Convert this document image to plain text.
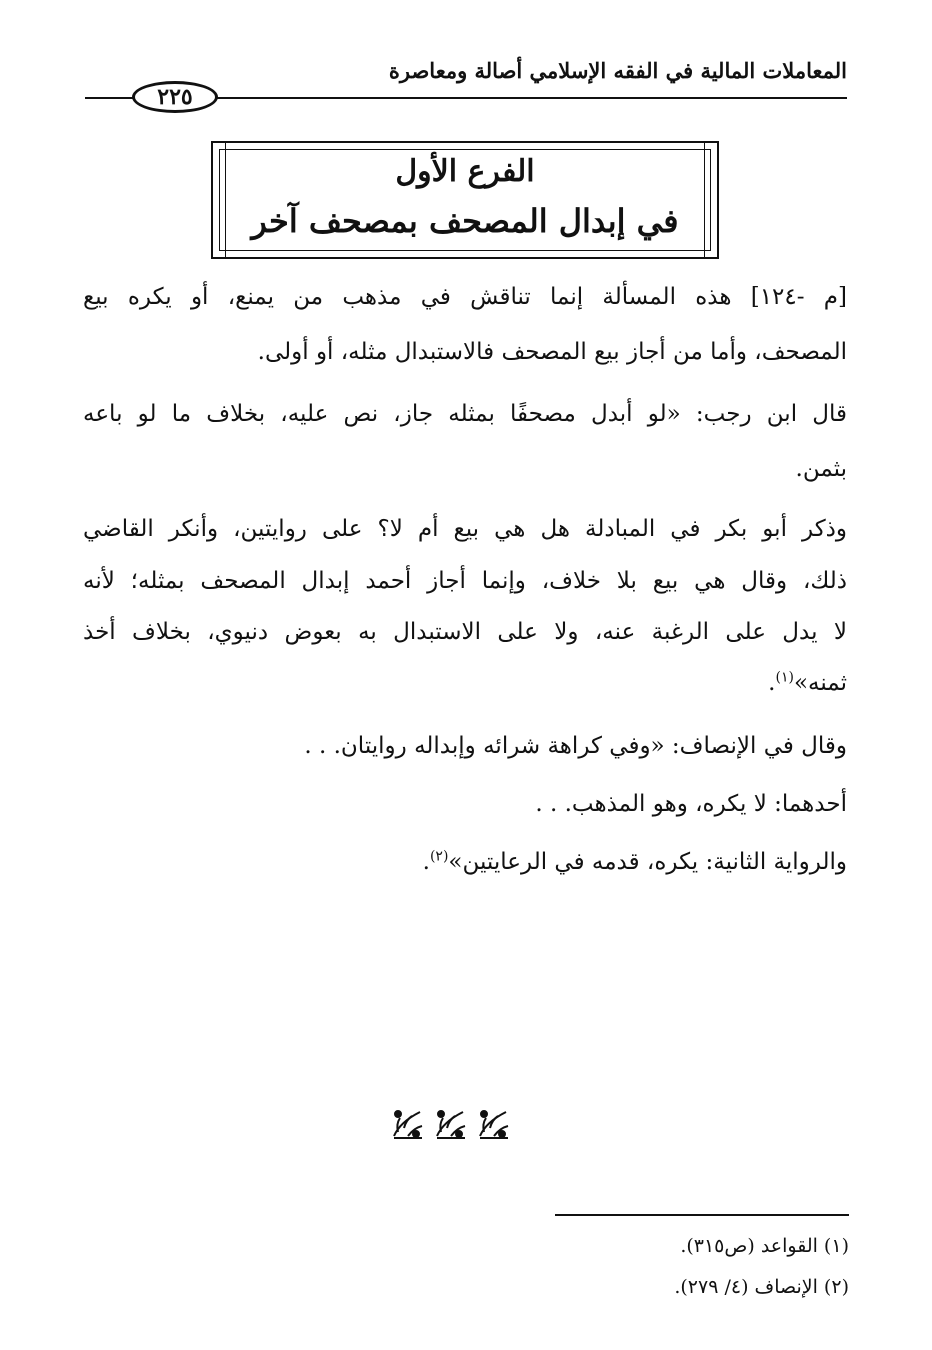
المعاملات المالية في الفقه الإسلامي أصالة ومعاصرة
٢٢٥
الفرع الأول
في إبدال المصحف بمصحف آخر
[م -١٢٤] هذه المسألة إنما تناقش في مذهب من يمنع، أو يكره بيع
المصحف، وأما من أجاز بيع المصحف فالاستبدال مثله، أو أولى.
قال ابن رجب: «لو أبدل مصحفًا بمثله جاز، نص عليه، بخلاف ما لو باعه
بثمن.
وذكر أبو بكر في المبادلة هل هي بيع أم لا؟ على روايتين، وأنكر القاضي
ذلك، وقال هي بيع بلا خلاف، وإنما أجاز أحمد إبدال المصحف بمثله؛ لأنه
لا يدل على الرغبة عنه، ولا على الاستبدال به بعوض دنيوي، بخلاف أخذ
ثمنه»$^{(١)}$.
وقال في الإنصاف: «وفي كراهة شرائه وإبداله روايتان. . .
أحدهما: لا يكره، وهو المذهب. . .
والرواية الثانية: يكره، قدمه في الرعايتين»$^{(٢)}$.
(١) القواعد (ص٣١٥).
(٢) الإنصاف (٤/ ٢٧٩).
